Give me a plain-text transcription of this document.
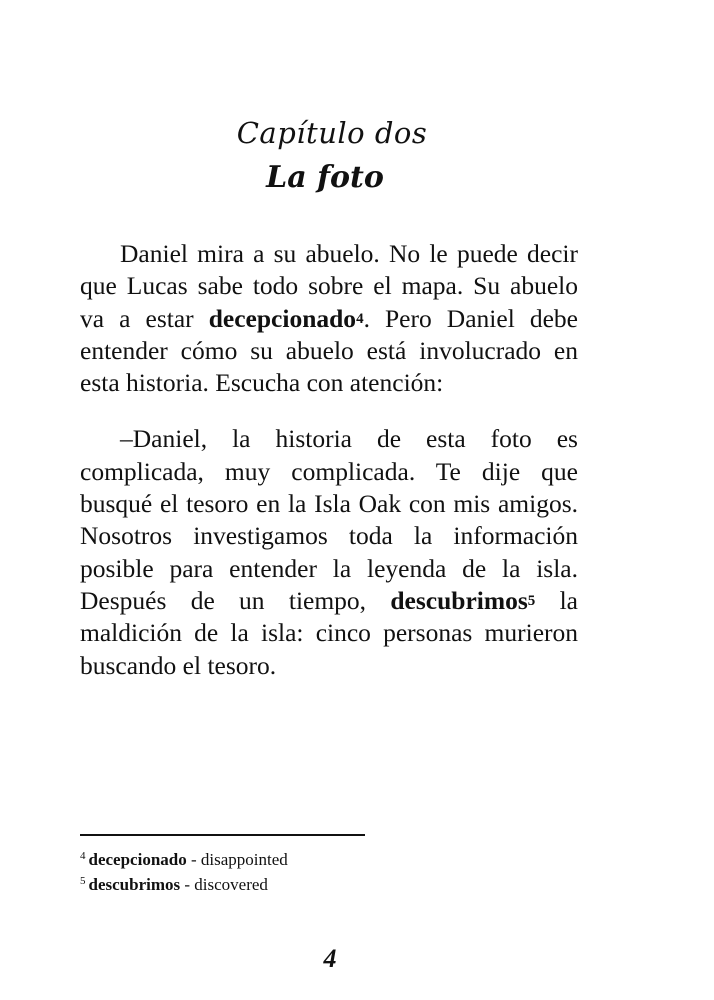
Capítulo dos
La foto

Daniel mira a su abuelo. No le puede decir que Lucas sabe todo sobre el mapa. Su abuelo va a estar decepcionado4. Pero Daniel debe entender cómo su abuelo está involucrado en esta historia. Escucha con atención:

–Daniel, la historia de esta foto es complicada, muy complicada. Te dije que busqué el tesoro en la Isla Oak con mis amigos. Nosotros investigamos toda la información posible para entender la leyenda de la isla. Después de un tiempo, descubrimos5 la maldición de la isla: cinco personas murieron buscando el tesoro.

$^4$ decepcionado - disappointed
$^5$ descubrimos - discovered
4
